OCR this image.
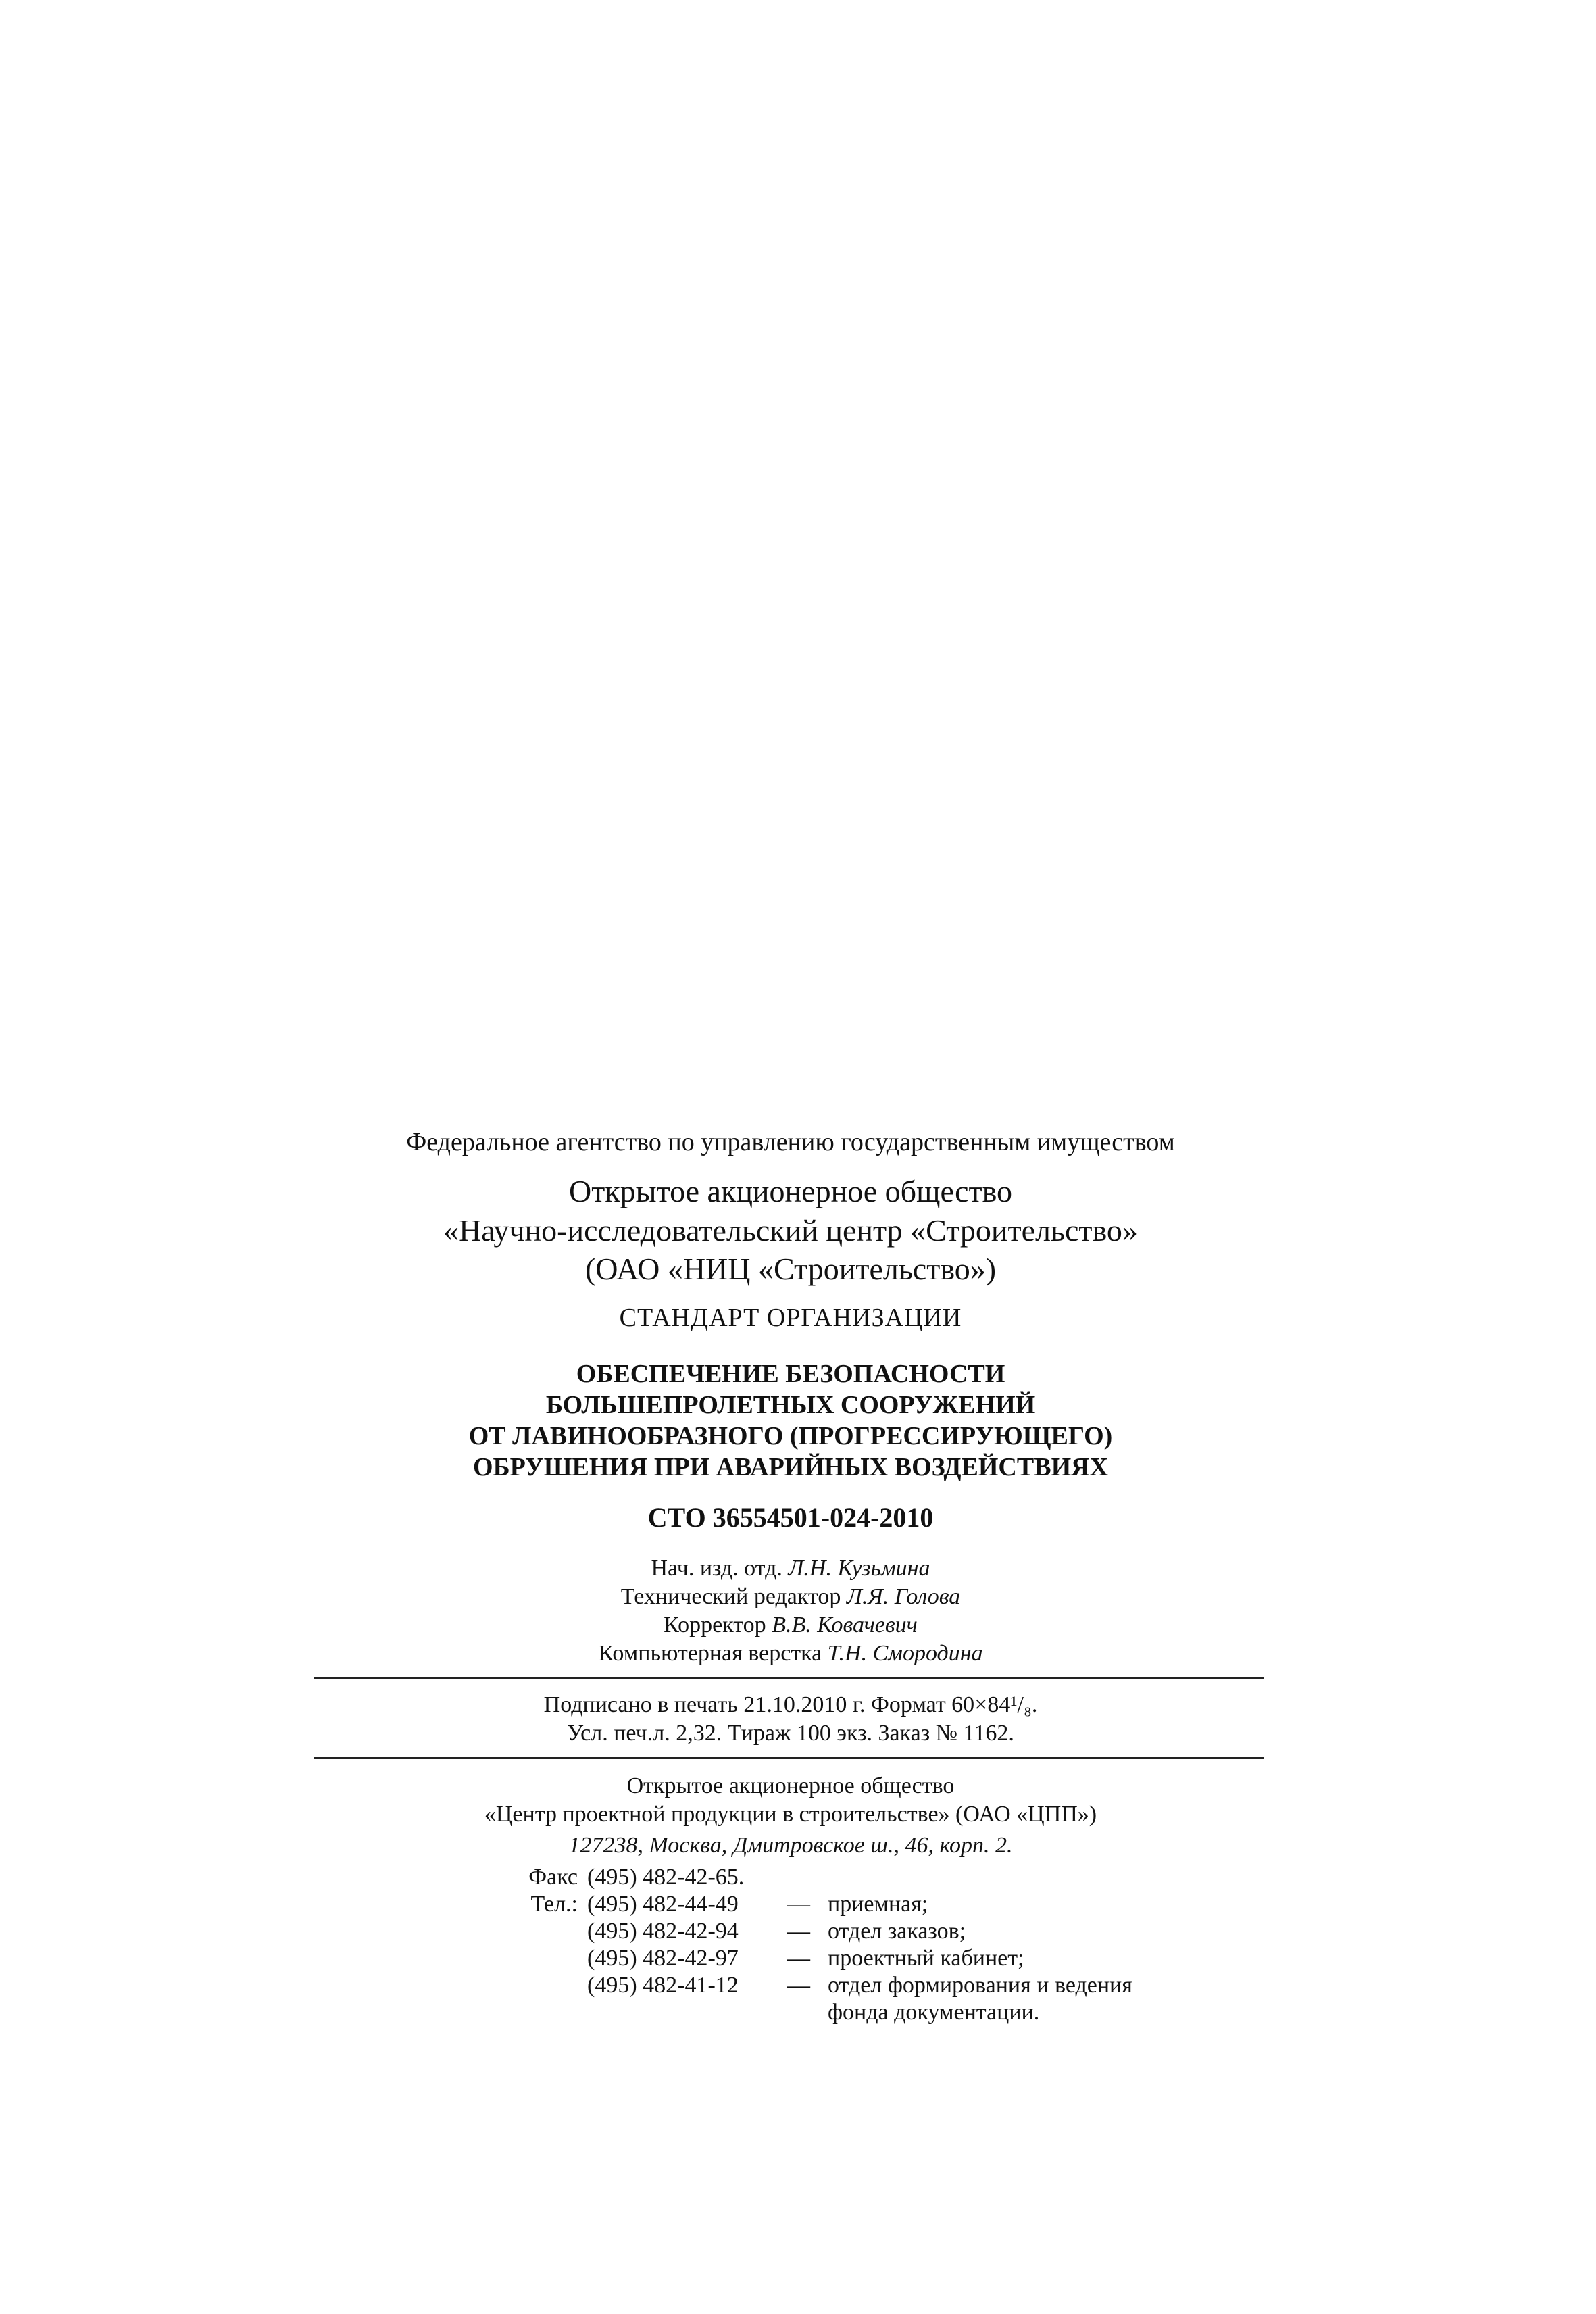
Федеральное агентство по управлению государственным имуществом
Открытое акционерное общество
«Научно-исследовательский центр «Строительство»
(ОАО «НИЦ «Строительство»)
СТАНДАРТ ОРГАНИЗАЦИИ
ОБЕСПЕЧЕНИЕ БЕЗОПАСНОСТИ
БОЛЬШЕПРОЛЕТНЫХ СООРУЖЕНИЙ
ОТ ЛАВИНООБРАЗНОГО (ПРОГРЕССИРУЮЩЕГО)
ОБРУШЕНИЯ ПРИ АВАРИЙНЫХ ВОЗДЕЙСТВИЯХ
СТО 36554501-024-2010
Нач. изд. отд. Л.Н. Кузьмина
Технический редактор Л.Я. Голова
Корректор В.В. Ковачевич
Компьютерная верстка Т.Н. Смородина
Подписано в печать 21.10.2010 г. Формат 60×84¹/₈.
Усл. печ.л. 2,32. Тираж 100 экз. Заказ № 1162.
Открытое акционерное общество
«Центр проектной продукции в строительстве» (ОАО «ЦПП»)
127238, Москва, Дмитровское ш., 46, корп. 2.
Факс (495) 482-42-65.
Тел.: (495) 482-44-49 — приемная;
(495) 482-42-94 — отдел заказов;
(495) 482-42-97 — проектный кабинет;
(495) 482-41-12 — отдел формирования и ведения
фонда документации.
